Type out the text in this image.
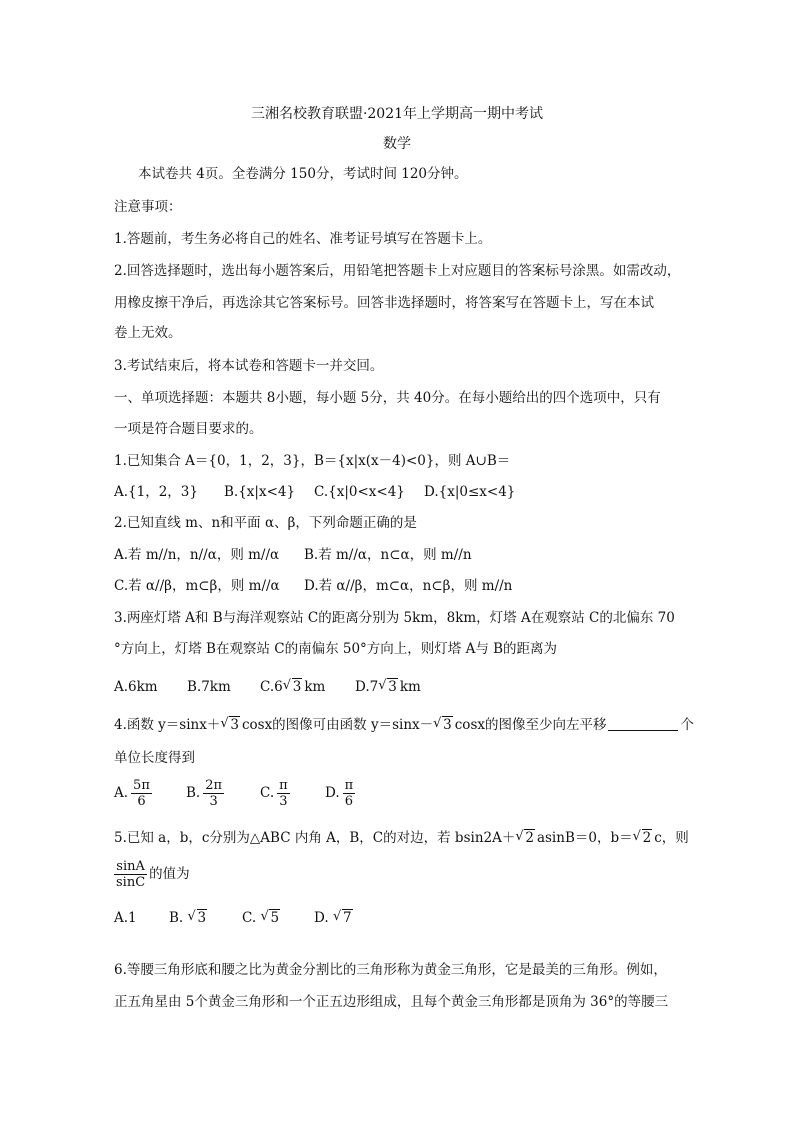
三湘名校教育联盟·2021年上学期高一期中考试
数学
本试卷共 4页。全卷满分 150分，考试时间 120分钟。
注意事项：
1.答题前，考生务必将自己的姓名、准考证号填写在答题卡上。
2.回答选择题时，选出每小题答案后，用铅笔把答题卡上对应题目的答案标号涂黑。如需改动，
用橡皮擦干净后，再选涂其它答案标号。回答非选择题时，将答案写在答题卡上，写在本试
卷上无效。
3.考试结束后，将本试卷和答题卡一并交回。
一、单项选择题：本题共 8小题，每小题 5分，共 40分。在每小题给出的四个选项中，只有
一项是符合题目要求的。
1.已知集合 A＝{0，1，2，3}，B＝{x|x(x－4)<0}，则 A∪B＝
A.{1，2，3} B.{x|x<4} C.{x|0<x<4} D.{x|0≤x<4}
2.已知直线 m、n和平面 α、β，下列命题正确的是
A.若 m//n，n//α，则 m//α B.若 m//α，n⊂α，则 m//n
C.若 α//β，m⊂β，则 m//α D.若 α//β，m⊂α，n⊂β，则 m//n
3.两座灯塔 A和 B与海洋观察站 C的距离分别为 5km，8km，灯塔 A在观察站 C的北偏东 70
°方向上，灯塔 B在观察站 C的南偏东 50°方向上，则灯塔 A与 B的距离为
A.6km B.7km C.6 √ 3 km D.7 √ 3 km
4.函数 y＝sinx＋ √ 3 cosx的图像可由函数 y＝sinx－ √ 3 cosx的图像至少向左平移	个
单位长度得到
A. $\frac{5\pi}{6}$	B. $\frac{2\pi}{3}$	C. $\frac{\pi}{3}$	D. $\frac{\pi}{6}$
5.已知 a，b，c分别为△ABC 内角 A，B，C的对边，若 bsin2A＋ √ 2 asinB＝0，b＝ √ 2 c，则
$\frac{\sin A}{\sin C}$ 的值为
A.1 B. √ 3	C. √ 5	D. √ 7
6.等腰三角形底和腰之比为黄金分割比的三角形称为黄金三角形，它是最美的三角形。例如，
正五角星由 5个黄金三角形和一个正五边形组成，且每个黄金三角形都是顶角为 36°的等腰三
